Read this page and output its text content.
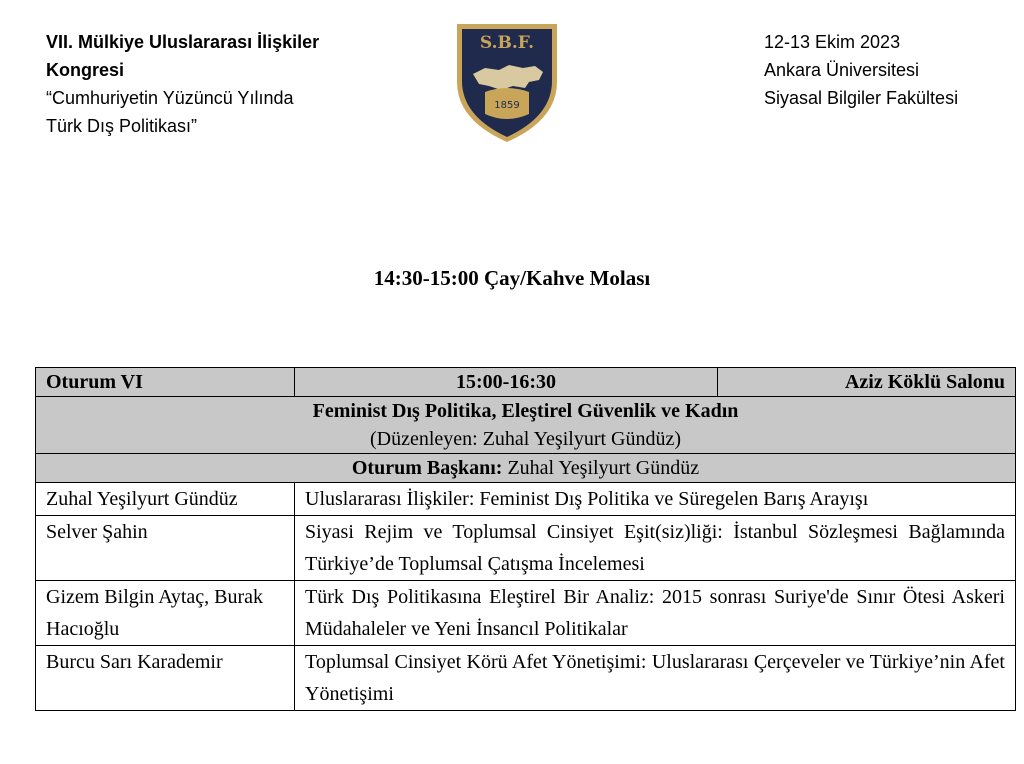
VII. Mülkiye Uluslararası İlişkiler
Kongresi
“Cumhuriyetin Yüzüncü Yılında
Türk Dış Politikası”
S.B.F.
1859
12-13 Ekim 2023
Ankara Üniversitesi
Siyasal Bilgiler Fakültesi
14:30-15:00 Çay/Kahve Molası
Oturum VI	15:00-16:30	Aziz Köklü Salonu

Feminist Dış Politika, Eleştirel Güvenlik ve Kadın
(Düzenleyen: Zuhal Yeşilyurt Gündüz)		

Oturum Başkanı: Zuhal Yeşilyurt Gündüz		
Zuhal Yeşilyurt Gündüz	Uluslararası İlişkiler: Feminist Dış Politika ve Süregelen Barış Arayışı	
Selver Şahin	Siyasi Rejim ve Toplumsal Cinsiyet Eşit(siz)liği: İstanbul Sözleşmesi Bağlamında Türkiye’de Toplumsal Çatışma İncelemesi	
Gizem Bilgin Aytaç, Burak Hacıoğlu	Türk Dış Politikasına Eleştirel Bir Analiz: 2015 sonrası Suriye'de Sınır Ötesi Askeri Müdahaleler ve Yeni İnsancıl Politikalar	
Burcu Sarı Karademir	Toplumsal Cinsiyet Körü Afet Yönetişimi: Uluslararası Çerçeveler ve Türkiye’nin Afet Yönetişimi	
